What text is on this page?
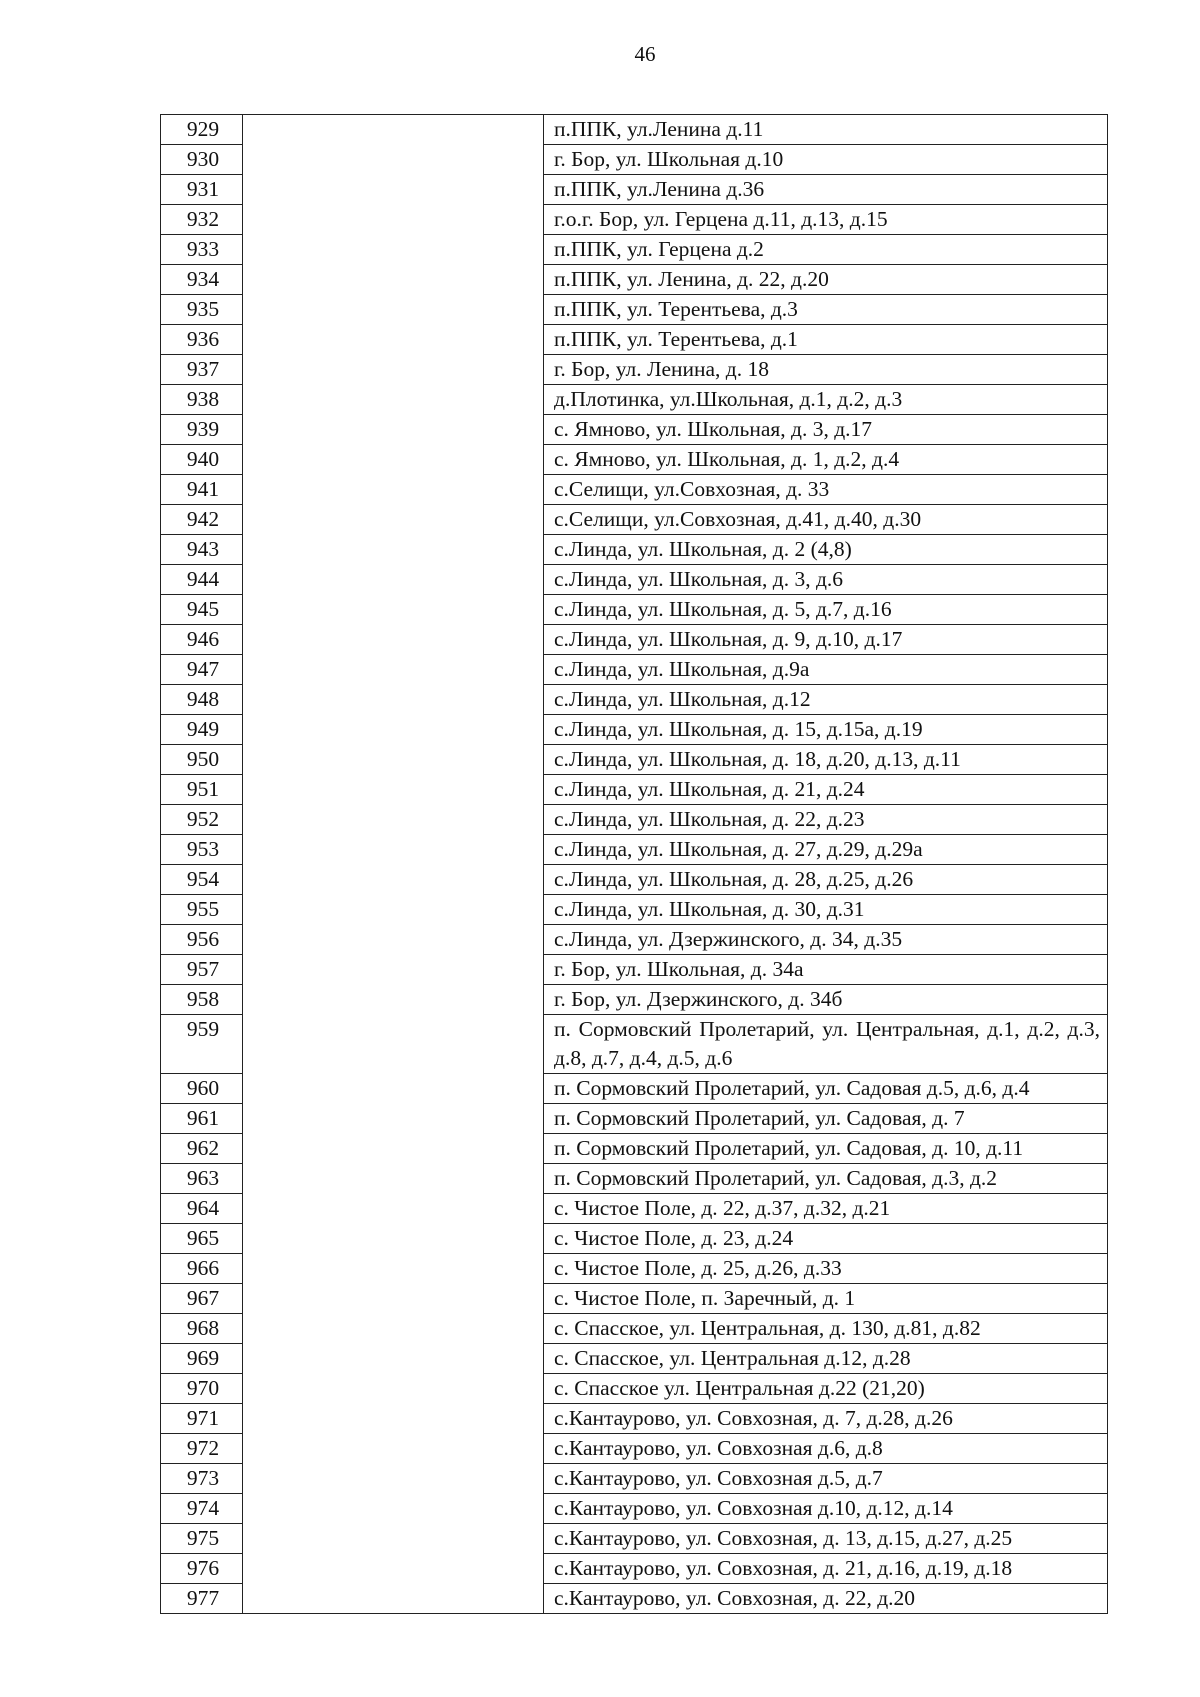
46
929		п.ППК, ул.Ленина д.11
930		г. Бор, ул. Школьная д.10
931		п.ППК, ул.Ленина д.36
932		г.о.г. Бор, ул. Герцена д.11, д.13, д.15
933		п.ППК, ул. Герцена д.2
934		п.ППК, ул. Ленина, д. 22, д.20
935		п.ППК, ул. Терентьева, д.3
936		п.ППК, ул. Терентьева, д.1
937		г. Бор, ул. Ленина, д. 18
938		д.Плотинка, ул.Школьная, д.1, д.2, д.3
939		с. Ямново, ул. Школьная, д. 3, д.17
940		с. Ямново, ул. Школьная, д. 1, д.2, д.4
941		с.Селищи, ул.Совхозная, д. 33
942		с.Селищи, ул.Совхозная, д.41, д.40, д.30
943		с.Линда, ул. Школьная, д. 2 (4,8)
944		с.Линда, ул. Школьная, д. 3, д.6
945		с.Линда, ул. Школьная, д. 5, д.7, д.16
946		с.Линда, ул. Школьная, д. 9, д.10, д.17
947		с.Линда, ул. Школьная, д.9а
948		с.Линда, ул. Школьная, д.12
949		с.Линда, ул. Школьная, д. 15, д.15а, д.19
950		с.Линда, ул. Школьная, д. 18, д.20, д.13, д.11
951		с.Линда, ул. Школьная, д. 21, д.24
952		с.Линда, ул. Школьная, д. 22, д.23
953		с.Линда, ул. Школьная, д. 27, д.29, д.29а
954		с.Линда, ул. Школьная, д. 28, д.25, д.26
955		с.Линда, ул. Школьная, д. 30, д.31
956		с.Линда, ул. Дзержинского, д. 34, д.35
957		г. Бор, ул. Школьная, д. 34а
958		г. Бор, ул. Дзержинского, д. 34б
959		п. Сормовский Пролетарий, ул. Центральная, д.1, д.2, д.3, д.8, д.7, д.4, д.5, д.6
960		п. Сормовский Пролетарий, ул. Садовая д.5, д.6, д.4
961		п. Сормовский Пролетарий, ул. Садовая, д. 7
962		п. Сормовский Пролетарий, ул. Садовая, д. 10, д.11
963		п. Сормовский Пролетарий, ул. Садовая, д.3, д.2
964		с. Чистое Поле, д. 22, д.37, д.32, д.21
965		с. Чистое Поле, д. 23, д.24
966		с. Чистое Поле, д. 25, д.26, д.33
967		с. Чистое Поле, п. Заречный, д. 1
968		с. Спасское, ул. Центральная, д. 130, д.81, д.82
969		с. Спасское, ул. Центральная д.12, д.28
970		с. Спасское ул. Центральная д.22 (21,20)
971		с.Кантаурово, ул. Совхозная, д. 7, д.28, д.26
972		с.Кантаурово, ул. Совхозная д.6, д.8
973		с.Кантаурово, ул. Совхозная д.5, д.7
974		с.Кантаурово, ул. Совхозная д.10, д.12, д.14
975		с.Кантаурово, ул. Совхозная, д. 13, д.15, д.27, д.25
976		с.Кантаурово, ул. Совхозная, д. 21, д.16, д.19, д.18
977		с.Кантаурово, ул. Совхозная, д. 22, д.20
